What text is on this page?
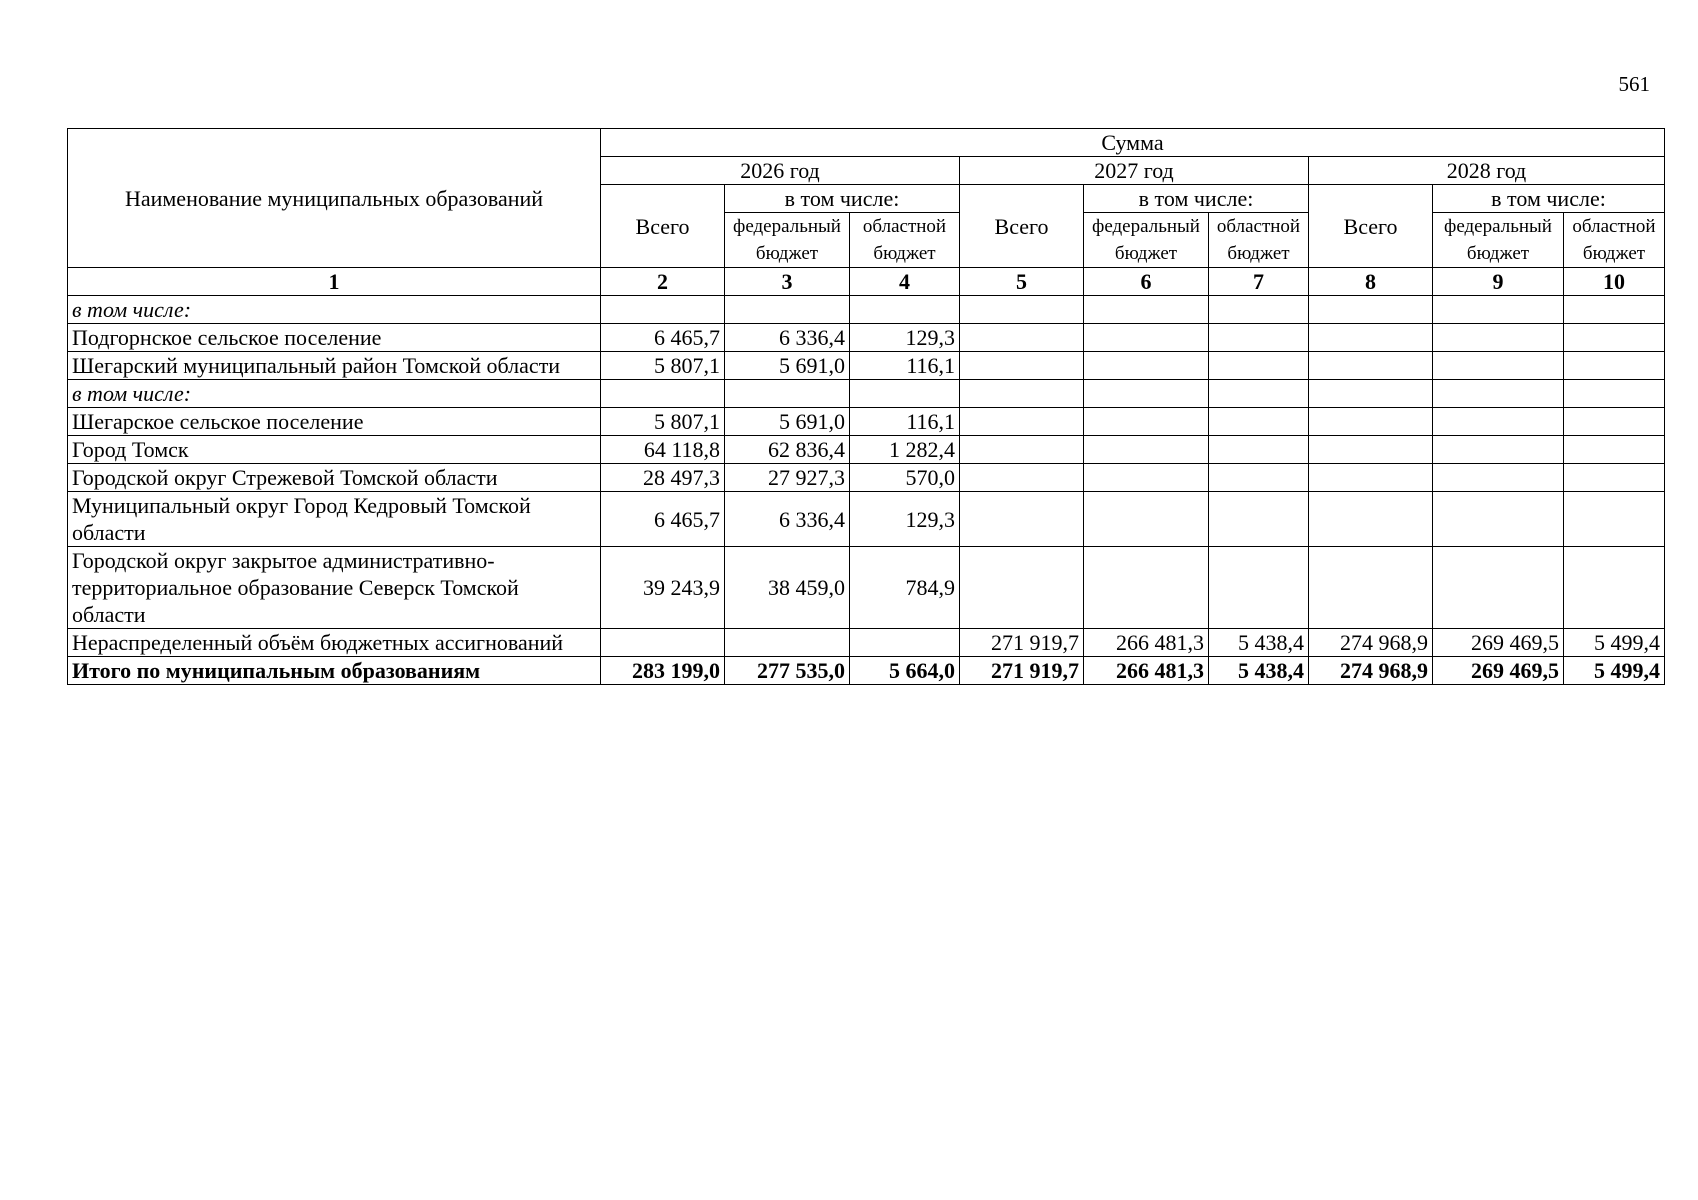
561
Наименование муниципальных образований	Сумма								
	2026 год			2027 год			2028 год		
	Всего	в том числе:		Всего	в том числе:		Всего	в том числе:	
		федеральный бюджет	областной бюджет		федеральный бюджет	областной бюджет		федеральный бюджет	областной бюджет
1	2	3	4	5	6	7	8	9	10
в том числе:									
Подгорнское сельское поселение	6 465,7	6 336,4	129,3						
Шегарский муниципальный район Томской области	5 807,1	5 691,0	116,1						
в том числе:									
Шегарское сельское поселение	5 807,1	5 691,0	116,1						
Город Томск	64 118,8	62 836,4	1 282,4						
Городской округ Стрежевой Томской области	28 497,3	27 927,3	570,0						
Муниципальный округ Город Кедровый Томской области	6 465,7	6 336,4	129,3						
Городской округ закрытое административно-территориальное образование Северск Томской области	39 243,9	38 459,0	784,9						
Нераспределенный объём бюджетных ассигнований				271 919,7	266 481,3	5 438,4	274 968,9	269 469,5	5 499,4
Итого по муниципальным образованиям	283 199,0	277 535,0	5 664,0	271 919,7	266 481,3	5 438,4	274 968,9	269 469,5	5 499,4
